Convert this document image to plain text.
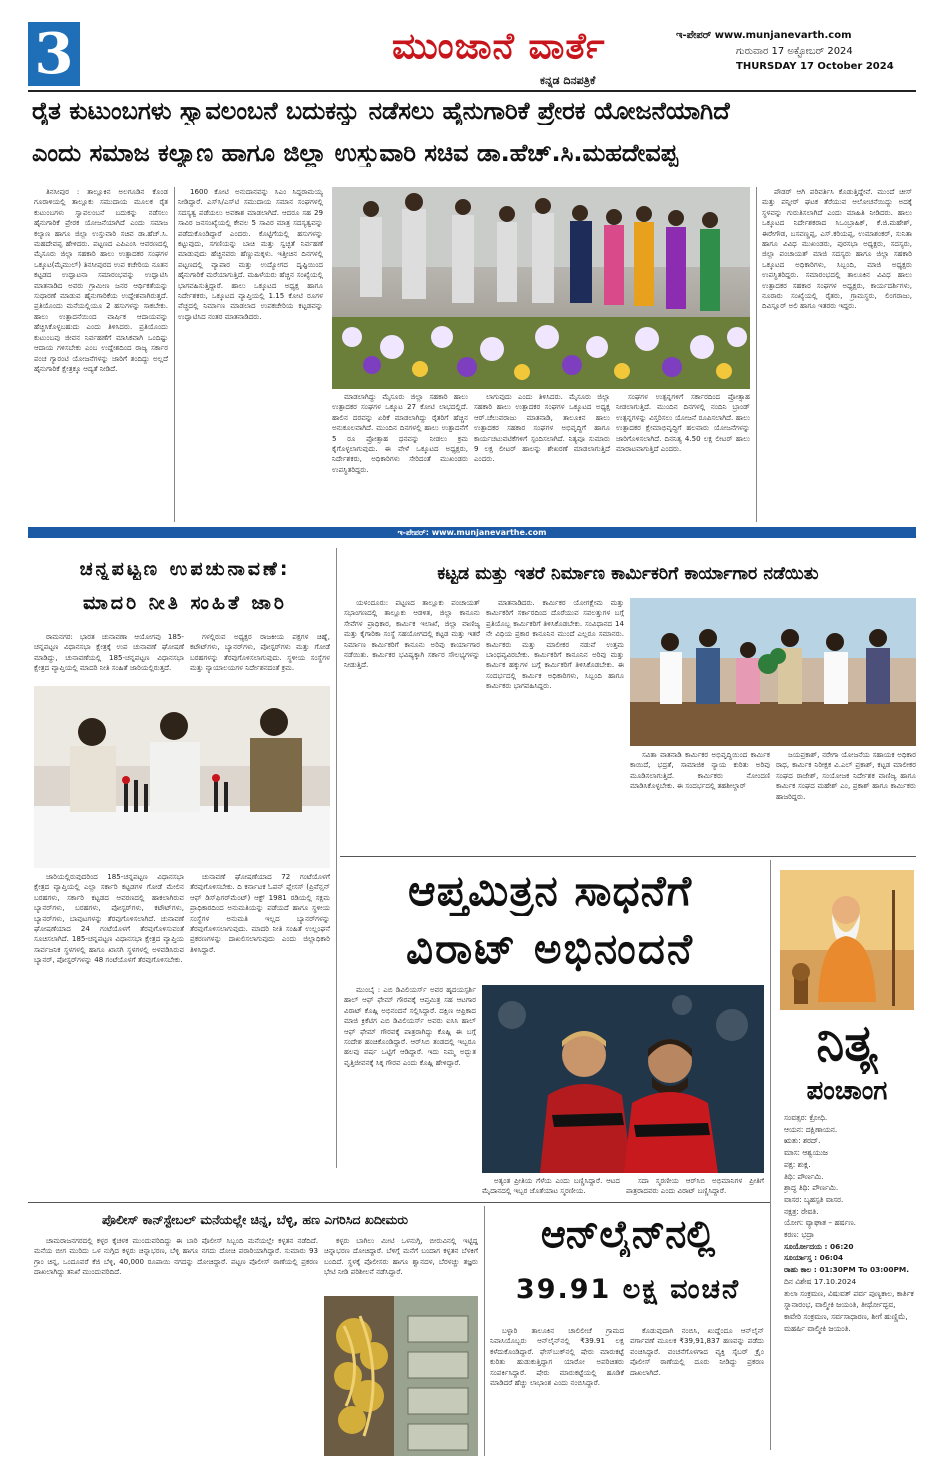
3	ಮುಂಜಾನೆ ವಾರ್ತೆ
ಕನ್ನಡ ದಿನಪತ್ರಿಕೆ
ಇ-ಪೇಪರ್ www.munjanevarth.com
ಗುರುವಾರ 17 ಅಕ್ಟೋಬರ್ 2024
THURSDAY 17 October 2024
ರೈತ ಕುಟುಂಬಗಳು ಸ್ವಾವಲಂಬನೆ ಬದುಕನ್ನು ನಡೆಸಲು ಹೈನುಗಾರಿಕೆ ಪ್ರೇರಕ ಯೋಜನೆಯಾಗಿದೆ
ಎಂದು ಸಮಾಜ ಕಲ್ಯಾಣ ಹಾಗೂ ಜಿಲ್ಲಾ ಉಸ್ತುವಾರಿ ಸಚಿವ ಡಾ.ಹೆಚ್.ಸಿ.ಮಹದೇವಪ್ಪ

ತಿನಸೀಪುರ : ತಾಲ್ಲೂಕಿನ ಅಲಗೂಡಿನ ಕೊಂಡ ಗೂರಾಳಿಯಲ್ಲಿ ತಾಲ್ಲೂಕು ಸಮುದಾಯ ಮೂಲಕ ರೈತ ಕುಟುಂಬಗಳು ಸ್ವಾವಲಂಬನೆ ಬದುಕನ್ನು ನಡೆಸಲು ಹೈನುಗಾರಿಕೆ ಪ್ರೇರಕ ಯೋಜನೆಯಾಗಿದೆ ಎಂದು ಸಮಾಜ ಕಲ್ಯಾಣ ಹಾಗೂ ಜಿಲ್ಲಾ ಉಸ್ತುವಾರಿ ಸಚಿವ ಡಾ.ಹೆಚ್.ಸಿ. ಮಹದೇವಪ್ಪ ಹೇಳಿದರು. ಪಟ್ಟಣದ ಎಪಿಎಂಸಿ ಆವರಣದಲ್ಲಿ ಮೈಸೂರು ಜಿಲ್ಲಾ ಸಹಕಾರಿ ಹಾಲು ಉತ್ಪಾದಕರ ಸಂಘಗಳ ಒಕ್ಕೂಟ(ಮೈಮುಲ್) ತಿನಸೀಪುರದ ಉಪ ಕಚೇರಿಯ ನೂತನ ಕಟ್ಟಡದ ಉದ್ಘಾಟನಾ ಸಮಾರಂಭವನ್ನು ಉದ್ಘಾಟಿಸಿ ಮಾತನಾಡಿದ ಅವರು ಗ್ರಾಮೀಣ ಜನರ ಆರ್ಥಿಕತೆಯನ್ನು ಸುಧಾರಣೆ ಮಾಡುವ ಹೈನುಗಾರಿಕೆಯ ಉದ್ದೇಶವಾಗಿರುತ್ತದೆ. ಪ್ರತಿಯೊಂದು ಮನೆಯಲ್ಲಿಯೂ 2 ಹಸುಗಳನ್ನು ಸಾಕಬೇಕು. ಹಾಲು ಉತ್ಪಾದನೆಯಿಂದ ವಾರ್ಷಿಕ ಆದಾಯವನ್ನು ಹೆಚ್ಚಿಸಿಕೊಳ್ಳಬಹುದು ಎಂದು ತಿಳಿಸಿದರು. ಪ್ರತಿಯೊಂದು ಕುಟುಂಬವು ಜೀವನ ನಿರ್ವಹಣೆಗೆ ಮಾಸಿಕವಾಗಿ ಒಂದಿಷ್ಟು ಆದಾಯ ಗಳಿಸಬೇಕು ಎಂಬ ಉದ್ದೇಶದಿಂದ ರಾಜ್ಯ ಸರ್ಕಾರ ಪಂಚ ಗ್ಯಾರಂಟಿ ಯೋಜನೆಗಳನ್ನು ಜಾರಿಗೆ ತಂದಿದ್ದು ಅಲ್ಲದೆ ಹೈನುಗಾರಿಕೆ ಕ್ಷೇತ್ರಕ್ಕೂ ಆದ್ಯತೆ ನೀಡಿದೆ.

1600 ಕೋಟಿ ಅನುದಾನವನ್ನು ಸಿಎಂ ಸಿದ್ದರಾಮಯ್ಯ ನೀಡಿದ್ದಾರೆ. ಎಸ್‌ಸಿ/ಎಸ್‌ಟಿ ಸಮುದಾಯ ಸಮಾನ ಸಂಘಗಳಲ್ಲಿ ಸದಸ್ಯತ್ವ ಪಡೆಯಲು ಅವಕಾಶ ಮಾಡಲಾಗಿದೆ. ಆದರೂ ಸಹ 29 ಸಾವಿರ ಜನಸಂಖ್ಯೆಯಲ್ಲಿ ಕೇವಲ 5 ಸಾವಿರ ಮಾತ್ರ ಸದಸ್ಯತ್ವವನ್ನು ಪಡೆದುಕೊಂಡಿದ್ದಾರೆ ಎಂದರು. ಕೊಟ್ಟಿಗೆಯಲ್ಲಿ ಹಸುಗಳನ್ನು ಕಟ್ಟುವುದು, ಸಗಣಿಯನ್ನು ಬಾಚಿ ಮತ್ತು ಸ್ವಚ್ಛತೆ ನಿರ್ವಹಣೆ ಮಾಡುವುದು ಹೆಚ್ಚಿನವರು ಹೆಣ್ಣುಮಕ್ಕಳು. ಇತ್ತೀಚಿನ ದಿನಗಳಲ್ಲಿ ಪಟ್ಟಣದಲ್ಲಿ ವ್ಯಾಪಾರ ಮತ್ತು ಉದ್ಯೋಗದ ದೃಷ್ಟಿಯಿಂದ ಹೈನುಗಾರಿಕೆ ಮರೆಯಾಗುತ್ತಿದೆ. ಮಹಿಳೆಯರು ಹೆಚ್ಚಿನ ಸಂಖ್ಯೆಯಲ್ಲಿ ಭಾಗವಹಿಸುತ್ತಿದ್ದಾರೆ. ಹಾಲು ಒಕ್ಕೂಟದ ಅಧ್ಯಕ್ಷ ಹಾಗೂ ನಿರ್ದೇಶಕರು, ಒಕ್ಕೂಟದ ವ್ಯಾಪ್ತಿಯಲ್ಲಿ 1.15 ಕೋಟಿ ರೂಗಳ ವೆಚ್ಚದಲ್ಲಿ ನಿರ್ಮಾಣ ಮಾಡಲಾದ ಉಪಕಚೇರಿಯ ಕಟ್ಟಡವನ್ನು ಉದ್ಘಾಟಿಸಿದ ನಂತರ ಮಾತನಾಡಿದರು.

ಮಾಡಲಾಗಿದ್ದು ಮೈಸೂರು ಜಿಲ್ಲಾ ಸಹಕಾರಿ ಹಾಲು ಉತ್ಪಾದಕರ ಸಂಘಗಳ ಒಕ್ಕೂಟ 27 ಕೋಟಿ ಲಾಭದಲ್ಲಿದೆ. ಹಾಲಿನ ದರವನ್ನು ಏರಿಕೆ ಮಾಡಲಾಗಿದ್ದು ರೈತರಿಗೆ ಹೆಚ್ಚಿನ ಅನುಕೂಲವಾಗಿದೆ. ಮುಂದಿನ ದಿನಗಳಲ್ಲಿ ಹಾಲು ಉತ್ಪಾದನೆಗೆ 5 ರೂ ಪ್ರೋತ್ಸಾಹ ಧನವನ್ನು ನೀಡಲು ಕ್ರಮ ಕೈಗೊಳ್ಳಲಾಗುವುದು. ಈ ವೇಳೆ ಒಕ್ಕೂಟದ ಅಧ್ಯಕ್ಷರು, ನಿರ್ದೇಶಕರು, ಅಧಿಕಾರಿಗಳು ಸೇರಿದಂತೆ ಮುಖಂಡರು ಉಪಸ್ಥಿತರಿದ್ದರು.

ಲಾಗುವುದು ಎಂದು ತಿಳಿಸಿದರು. ಮೈಸೂರು ಜಿಲ್ಲಾ ಸಹಕಾರಿ ಹಾಲು ಉತ್ಪಾದಕರ ಸಂಘಗಳ ಒಕ್ಕೂಟದ ಅಧ್ಯಕ್ಷ ಆರ್.ಚೆಲುವರಾಜು ಮಾತನಾಡಿ, ತಾಲೂಕಿನ ಹಾಲು ಉತ್ಪಾದಕರ ಸಹಕಾರ ಸಂಘಗಳ ಅಭಿವೃದ್ಧಿಗೆ ಹಾಗೂ ಕಾರ್ಯಚಟುವಟಿಕೆಗಳಿಗೆ ಸ್ಪಂದಿಸಲಾಗಿದೆ. ನಿತ್ಯವೂ ಸುಮಾರು 9 ಲಕ್ಷ ಲೀಟರ್ ಹಾಲನ್ನು ಶೇಖರಣೆ ಮಾಡಲಾಗುತ್ತಿದೆ ಎಂದರು.

ಸಂಘಗಳ ಉತ್ಪನ್ನಗಳಿಗೆ ಸರ್ಕಾರದಿಂದ ಪ್ರೋತ್ಸಾಹ ನೀಡಲಾಗುತ್ತಿದೆ. ಮುಂದಿನ ದಿನಗಳಲ್ಲಿ ನಂದಿನಿ ಬ್ರಾಂಡ್ ಉತ್ಪನ್ನಗಳನ್ನು ವಿಸ್ತರಿಸಲು ಯೋಜನೆ ರೂಪಿಸಲಾಗಿದೆ. ಹಾಲು ಉತ್ಪಾದಕರ ಕ್ಷೇಮಾಭಿವೃದ್ಧಿಗೆ ಹಲವಾರು ಯೋಜನೆಗಳನ್ನು ಜಾರಿಗೊಳಿಸಲಾಗಿದೆ. ದಿನನಿತ್ಯ 4.50 ಲಕ್ಷ ಲೀಟರ್ ಹಾಲು ಮಾರಾಟವಾಗುತ್ತಿದೆ ಎಂದರು.

ಪೌಡರ್ ಆಗಿ ಪರಿವರ್ತಿಸಿ ಕೊಡುತ್ತಿದ್ದೇವೆ. ಮುಂದೆ ಚೀಸ್ ಮತ್ತು ಪನ್ನೀರ್ ಘಟಕ ತೆರೆಯುವ ಆಲೋಚನೆಯಿದ್ದು ಅದಕ್ಕೆ ಸ್ಥಳವನ್ನು ಗುರುತಿಸಲಾಗಿದೆ ಎಂದು ಮಾಹಿತಿ ನೀಡಿದರು. ಹಾಲು ಒಕ್ಕೂಟದ ನಿರ್ದೇಶಕರಾದ ಸಿಒಂಬ್ರಾಹಿಕ್, ಕೆ.ಜಿ.ಮಹೇಶ್, ಈರೇಗೌಡ, ಬಸವಣ್ಣಪ್ಪ, ಎಸ್.ಕರಿಯಪ್ಪ, ಉಮಾಶಂಕರ್, ಸುನಿತಾ ಹಾಗೂ ವಿವಿಧ ಮುಖಂಡರು, ಪುರಸಭಾ ಅಧ್ಯಕ್ಷರು, ಸದಸ್ಯರು, ಜಿಲ್ಲಾ ಪಂಚಾಯತ್ ಮಾಜಿ ಸದಸ್ಯರು ಹಾಗೂ ಜಿಲ್ಲಾ ಸಹಕಾರಿ ಒಕ್ಕೂಟದ ಅಧಿಕಾರಿಗಳು, ಸಿಬ್ಬಂದಿ, ಮಾಜಿ ಅಧ್ಯಕ್ಷರು ಉಪಸ್ಥಿತರಿದ್ದರು. ಸಮಾರಂಭದಲ್ಲಿ ತಾಲೂಕಿನ ವಿವಿಧ ಹಾಲು ಉತ್ಪಾದಕರ ಸಹಕಾರ ಸಂಘಗಳ ಅಧ್ಯಕ್ಷರು, ಕಾರ್ಯದರ್ಶಿಗಳು, ನೂರಾರು ಸಂಖ್ಯೆಯಲ್ಲಿ ರೈತರು, ಗ್ರಾಮಸ್ಥರು, ಲಿಂಗರಾಜು, ದಿವಿಸ್ಲೂರ್ ಅಲಿ ಹಾಗೂ ಇತರರು ಇದ್ದರು.

ಇ-ಪೇಪರ್: www.munjanevarthe.com
ಚನ್ನಪಟ್ಟಣ ಉಪಚುನಾವಣೆ:
ಮಾದರಿ ನೀತಿ ಸಂಹಿತೆ ಜಾರಿ

ರಾಮನಗರ: ಭಾರತ ಚುನಾವಣಾ ಆಯೋಗವು 185-ಚನ್ನಪಟ್ಟಣ ವಿಧಾನಸಭಾ ಕ್ಷೇತ್ರಕ್ಕೆ ಉಪ ಚುನಾವಣೆ ಘೋಷಣೆ ಮಾಡಿದ್ದು, ಚುನಾವಣೆಯಲ್ಲಿ 185-ಚನ್ನಪಟ್ಟಣ ವಿಧಾನಸಭಾ ಕ್ಷೇತ್ರದ ವ್ಯಾಪ್ತಿಯಲ್ಲಿ ಮಾದರಿ ನೀತಿ ಸಂಹಿತೆ ಜಾರಿಯಲ್ಲಿರುತ್ತದೆ.

ಗಳಲ್ಲಿರುವ ಅಧ್ಯಕ್ಷರ ರಾಜಕೀಯ ಪಕ್ಷಗಳ ಚಿಹ್ನೆ, ಕಟೌಟ್‌ಗಳು, ಬ್ಯಾನರ್‌ಗಳು, ಪೋಸ್ಟರ್‌ಗಳು ಮತ್ತು ಗೋಡೆ ಬರಹಗಳನ್ನು ತೆರವುಗೊಳಿಸಲಾಗುವುದು. ಸ್ಥಳೀಯ ಸಂಸ್ಥೆಗಳ ಮತ್ತು ನ್ಯಾಯಾಲಯಗಳ ನಿರ್ದೇಶನದಂತೆ ಕ್ರಮ.

ಜಾರಿಯಲ್ಲಿರುವುದರಿಂದ 185-ಚನ್ನಪಟ್ಟಣ ವಿಧಾನಸಭಾ ಕ್ಷೇತ್ರದ ವ್ಯಾಪ್ತಿಯಲ್ಲಿ ಎಲ್ಲಾ ಸರ್ಕಾರಿ ಕಟ್ಟಡಗಳ ಗೋಡೆ ಮೇಲಿನ ಬರಹಗಳು, ಸರ್ಕಾರಿ ಕಟ್ಟಡದ ಆವರಣದಲ್ಲಿ ಹಾಕಲಾಗಿರುವ ಬ್ಯಾನರ್‌ಗಳು, ಬರಹಗಳು, ಪೋಸ್ಟರ್‌ಗಳು, ಕಟೌಟ್‌ಗಳು, ಬ್ಯಾನರ್‌ಗಳು, ಬಾವುಟಗಳನ್ನು ತೆರವುಗೊಳಿಸಲಾಗಿದೆ. ಚುನಾವಣೆ ಘೋಷಣೆಯಾದ 24 ಗಂಟೆಯೊಳಗೆ ತೆರವುಗೊಳಿಸುವಂತೆ ಸೂಚಿಸಲಾಗಿದೆ. 185-ಚನ್ನಪಟ್ಟಣ ವಿಧಾನಸಭಾ ಕ್ಷೇತ್ರದ ವ್ಯಾಪ್ತಿಯ ಸಾರ್ವಜನಿಕ ಸ್ಥಳಗಳಲ್ಲಿ ಹಾಗೂ ಖಾಸಗಿ ಸ್ಥಳಗಳಲ್ಲಿ ಅಳವಡಿಸಿರುವ ಬ್ಯಾನರ್, ಪೋಸ್ಟರ್‌ಗಳನ್ನು 48 ಗಂಟೆಯೊಳಗೆ ತೆರವುಗೊಳಿಸಬೇಕು.

ಚುನಾವಣೆ ಘೋಷಣೆಯಾದ 72 ಗಂಟೆಯೊಳಗೆ ತೆರವುಗೊಳಿಸಬೇಕು. ದಿ ಕರ್ನಾಟಕ ಓಪನ್ ಪ್ಲೇಸಸ್ (ಪ್ರಿವೆನ್ಷನ್ ಆಫ್ ಡಿಸ್‌ಫಿಗರ್‌ಮೆಂಟ್) ಆಕ್ಟ್ 1981 ರಡಿಯಲ್ಲಿ ಸಕ್ಷಮ ಪ್ರಾಧಿಕಾರದಿಂದ ಅನುಮತಿಯನ್ನು ಪಡೆಯದೆ ಹಾಗೂ ಸ್ಥಳೀಯ ಸಂಸ್ಥೆಗಳ ಅನುಮತಿ ಇಲ್ಲದ ಬ್ಯಾನರ್‌ಗಳನ್ನು ತೆರವುಗೊಳಿಸಲಾಗುವುದು. ಮಾದರಿ ನೀತಿ ಸಂಹಿತೆ ಉಲ್ಲಂಘನೆ ಪ್ರಕರಣಗಳನ್ನು ದಾಖಲಿಸಲಾಗುವುದು ಎಂದು ಜಿಲ್ಲಾಧಿಕಾರಿ ತಿಳಿಸಿದ್ದಾರೆ.

ಕಟ್ಟಡ ಮತ್ತು ಇತರೆ ನಿರ್ಮಾಣ ಕಾರ್ಮಿಕರಿಗೆ ಕಾರ್ಯಾಗಾರ ನಡೆಯಿತು

ಯಳಂದೂರು: ಪಟ್ಟಣದ ತಾಲ್ಲೂಕು ಪಂಚಾಯತ್ ಸಭಾಂಗಣದಲ್ಲಿ ತಾಲ್ಲೂಕು ಆಡಳಿತ, ಜಿಲ್ಲಾ ಕಾನೂನು ಸೇವೆಗಳ ಪ್ರಾಧಿಕಾರ, ಕಾರ್ಮಿಕ ಇಲಾಖೆ, ಜಿಲ್ಲಾ ವಾಣಿಜ್ಯ ಮತ್ತು ಕೈಗಾರಿಕಾ ಸಂಸ್ಥೆ ಸಹಯೋಗದಲ್ಲಿ ಕಟ್ಟಡ ಮತ್ತು ಇತರೆ ನಿರ್ಮಾಣ ಕಾರ್ಮಿಕರಿಗೆ ಕಾನೂನು ಅರಿವು ಕಾರ್ಯಾಗಾರ ನಡೆಯಿತು. ಕಾರ್ಮಿಕರ ಭವಿಷ್ಯಕ್ಕಾಗಿ ಸರ್ಕಾರ ಸೌಲಭ್ಯಗಳನ್ನು ನೀಡುತ್ತಿದೆ.

ಮಾತನಾಡಿದರು. ಕಾರ್ಮಿಕರ ಯೋಗಕ್ಷೇಮ ಮತ್ತು ಕಾರ್ಮಿಕರಿಗೆ ಸರ್ಕಾರದಿಂದ ದೊರೆಯುವ ಸವಲತ್ತುಗಳ ಬಗ್ಗೆ ಪ್ರತಿಯೊಬ್ಬ ಕಾರ್ಮಿಕರಿಗೆ ತಿಳಿಸಿಕೊಡಬೇಕು. ಸಂವಿಧಾನದ 14 ನೇ ವಿಧಿಯ ಪ್ರಕಾರ ಕಾನೂನಿನ ಮುಂದೆ ಎಲ್ಲರೂ ಸಮಾನರು. ಕಾರ್ಮಿಕರು ಮತ್ತು ಮಾಲೀಕರ ನಡುವೆ ಉತ್ತಮ ಬಾಂಧವ್ಯವಿರಬೇಕು. ಕಾರ್ಮಿಕರಿಗೆ ಕಾನೂನಿನ ಅರಿವು ಮತ್ತು ಕಾರ್ಮಿಕ ಹಕ್ಕುಗಳ ಬಗ್ಗೆ ಕಾರ್ಮಿಕರಿಗೆ ತಿಳಿಸಿಕೊಡಬೇಕು. ಈ ಸಂದರ್ಭದಲ್ಲಿ ಕಾರ್ಮಿಕ ಅಧಿಕಾರಿಗಳು, ಸಿಬ್ಬಂದಿ ಹಾಗೂ ಕಾರ್ಮಿಕರು ಭಾಗವಹಿಸಿದ್ದರು.

ಸವಿತಾ ವಾತನಾಡಿ ಕಾರ್ಮಿಕರ ಅಭಿವೃದ್ಧಿಯಿಂದ ಕಾರ್ಮಿಕ ಕಾಯಿದೆ, ಭದ್ರತೆ, ಸಾಮಾಜಿಕ ನ್ಯಾಯ ಕುರಿತು ಅರಿವು ಮೂಡಿಸಲಾಗುತ್ತಿದೆ. ಕಾರ್ಮಿಕರು ನೋಂದಣಿ ಮಾಡಿಸಿಕೊಳ್ಳಬೇಕು. ಈ ಸಂದರ್ಭದಲ್ಲಿ ತಹಶೀಲ್ದಾರ್

ಜಯಪ್ರಕಾಶ್, ನರೇಗಾ ಯೋಜನೆಯ ಸಹಾಯಕ ಅಧಿಕಾರ ರಾಧ, ಕಾರ್ಮಿಕ ನಿರೀಕ್ಷಕ ವಿ.ಎಲ್ ಪ್ರಕಾಶ್, ಕಟ್ಟಡ ಮಾಲೀಕರ ಸಂಘದ ರಾಜೇಶ್, ಸಂಯೋಜಕ ನಿರ್ದೇಶಕ ವಾಣಿಜ್ಯ ಹಾಗೂ ಕಾರ್ಮಿಕ ಸಂಘದ ಮಹೇಶ್ ಎಂ, ಪ್ರಕಾಶ್ ಹಾಗೂ ಕಾರ್ಮಿಕರು ಹಾಜರಿದ್ದರು.

ಆಪ್ತಮಿತ್ರನ ಸಾಧನೆಗೆ
ವಿರಾಟ್ ಅಭಿನಂದನೆ

ಮುಂಬೈ : ಎಬಿ ಡಿವಿಲಿಯರ್ಸ್ ಅವರ ಹೃದಯಸ್ಪರ್ಶಿ ಹಾಲ್ ಆಫ್ ಫೇಮ್ ಗೌರವಕ್ಕೆ ಆಪ್ತಮಿತ್ರ ಸಹ ಆಟಗಾರ ವಿರಾಟ್ ಕೊಹ್ಲಿ ಅಭಿನಂದನೆ ಸಲ್ಲಿಸಿದ್ದಾರೆ. ದಕ್ಷಿಣ ಆಫ್ರಿಕಾದ ಮಾಜಿ ಕ್ರಿಕೆಟಿಗ ಎಬಿ ಡಿವಿಲಿಯರ್ಸ್ ಅವರು ಐಸಿಸಿ ಹಾಲ್ ಆಫ್ ಫೇಮ್ ಗೌರವಕ್ಕೆ ಪಾತ್ರರಾಗಿದ್ದು ಕೊಹ್ಲಿ ಈ ಬಗ್ಗೆ ಸಂದೇಶ ಹಂಚಿಕೊಂಡಿದ್ದಾರೆ. ಆರ್‌ಸಿಬಿ ತಂಡದಲ್ಲಿ ಇಬ್ಬರೂ ಹಲವು ವರ್ಷ ಒಟ್ಟಿಗೆ ಆಡಿದ್ದಾರೆ. ಇದು ನಿಮ್ಮ ಅದ್ಭುತ ವೃತ್ತಿಜೀವನಕ್ಕೆ ಸಿಕ್ಕ ಗೌರವ ಎಂದು ಕೊಹ್ಲಿ ಹೇಳಿದ್ದಾರೆ.

ಅತ್ಯಂತ ಪ್ರೀತಿಯ ಗೆಳೆಯ ಎಂದು ಬಣ್ಣಿಸಿದ್ದಾರೆ. ಆಟದ ಮೈದಾನದಲ್ಲಿ ಇಬ್ಬರ ಜೊತೆಯಾಟ ಸ್ಮರಣೀಯ.

ಸದಾ ಸ್ಮರಣೀಯ ಆರ್‌ಸಿಬಿ ಅಭಿಮಾನಿಗಳ ಪ್ರೀತಿಗೆ ಪಾತ್ರರಾದವರು ಎಂದು ವಿರಾಟ್ ಬಣ್ಣಿಸಿದ್ದಾರೆ.

ನಿತ್ಯ
ಪಂಚಾಂಗ
ಸಂವತ್ಸರ: ಕ್ರೋಧಿ.
ಆಯನ: ದಕ್ಷಿಣಾಯನ.
ಋತು: ಶರದ್.
ಮಾಸ: ಆಶ್ವಯುಜ
ಪಕ್ಷ: ಶುಕ್ಲ.
ತಿಥಿ: ಪೌರ್ಣಮಿ.
ಶ್ರಾದ್ಧ ತಿಥಿ: ಪೌರ್ಣಮಿ.
ವಾಸರ: ಬೃಹಸ್ಪತಿ ವಾಸರ.
ನಕ್ಷತ್ರ: ರೇವತಿ.
ಯೋಗ: ವ್ಯಾಘಾತ – ಹರ್ಷಣ.
ಕರಣ: ಭದ್ರಾ
ಸೂರ್ಯೋದಯ : 06:20
ಸೂರ್ಯಾಸ್ತ : 06:04
ರಾಹು ಕಾಲ : 01:30PM To 03:00PM.
ದಿನ ವಿಶೇಷ 17.10.2024
ತುಲಾ ಸಂಕ್ರಮಣ, ವಿಷುವತ್ ಪರ್ವ ಪುಣ್ಯಕಾಲ, ಕಾರ್ತಿಕ ಸ್ನಾನಾರಂಭ, ವಾಲ್ಮೀಕಿ ಜಯಂತಿ, ತೀರ್ಥೋದ್ಭವ, ಕಾವೇರಿ ಸಂಕ್ರಮಣ, ಸರ್ವಸಾಧಾರಣ, ಶೀಗೆ ಹುಣ್ಣಿಮೆ, ಮಹರ್ಷಿ ವಾಲ್ಮೀಕಿ ಜಯಂತಿ.
ಪೊಲೀಸ್ ಕಾನ್‌ಸ್ಟೇಬಲ್ ಮನೆಯಲ್ಲೇ ಚಿನ್ನ, ಬೆಳ್ಳಿ, ಹಣ ಎಗರಿಸಿದ ಖದೀಮರು

ಚಾಮರಾಜನಗರದಲ್ಲಿ ಕಳ್ಳರ ಕೈಚಳಕ ಮುಂದುವರಿದಿದ್ದು ಈ ಬಾರಿ ಪೊಲೀಸ್ ಸಿಬ್ಬಂದಿ ಮನೆಯಲ್ಲೇ ಕಳ್ಳತನ ನಡೆದಿದೆ. ಮನೆಯ ಬೀಗ ಮುರಿದು ಒಳ ನುಗ್ಗಿದ ಕಳ್ಳರು ಚಿನ್ನಾಭರಣ, ಬೆಳ್ಳಿ ಹಾಗೂ ನಗದು ದೋಚಿ ಪರಾರಿಯಾಗಿದ್ದಾರೆ. ಸುಮಾರು 93 ಗ್ರಾಂ ಚಿನ್ನ, ಒಂದೂವರೆ ಕೆಜಿ ಬೆಳ್ಳಿ, 40,000 ರೂಪಾಯಿ ನಗದನ್ನು ದೋಚಿದ್ದಾರೆ. ಪಟ್ಟಣ ಪೊಲೀಸ್ ಠಾಣೆಯಲ್ಲಿ ಪ್ರಕರಣ ದಾಖಲಾಗಿದ್ದು ತನಿಖೆ ಮುಂದುವರಿದಿದೆ.

ಕಳ್ಳರು ಬಾಗಿಲು ಮೀಟಿ ಒಳನುಗ್ಗಿ, ಬೀರುವಿನಲ್ಲಿ ಇಟ್ಟಿದ್ದ ಚಿನ್ನಾಭರಣ ದೋಚಿದ್ದಾರೆ. ಬೆಳಿಗ್ಗೆ ಮನೆಗೆ ಬಂದಾಗ ಕಳ್ಳತನ ಬೆಳಕಿಗೆ ಬಂದಿದೆ. ಸ್ಥಳಕ್ಕೆ ಪೊಲೀಸರು ಹಾಗೂ ಶ್ವಾನದಳ, ಬೆರಳಚ್ಚು ತಜ್ಞರು ಭೇಟಿ ನೀಡಿ ಪರಿಶೀಲನೆ ನಡೆಸಿದ್ದಾರೆ.

ಆನ್‌ಲೈನ್‌ನಲ್ಲಿ
39.91 ಲಕ್ಷ ವಂಚನೆ

ಬಳ್ಳಾರಿ ತಾಲೂಕಿನ ಚಾಲಿಲೀಚೆ ಗ್ರಾಮದ ನಿವಾಸಿಯೊಬ್ಬರು ಆನ್‌ಲೈನ್‌ನಲ್ಲಿ ₹39.91 ಲಕ್ಷ ಕಳೆದುಕೊಂಡಿದ್ದಾರೆ. ಫೇಸ್‌ಬುಕ್‌ನಲ್ಲಿ ಷೇರು ಮಾರುಕಟ್ಟೆ ಕುರಿತು ಹುಡುಕುತ್ತಿದ್ದಾಗ ಯಾರೋ ಅಪರಿಚಿತರು ಸಂಪರ್ಕಿಸಿದ್ದಾರೆ. ಷೇರು ಮಾರುಕಟ್ಟೆಯಲ್ಲಿ ಹೂಡಿಕೆ ಮಾಡಿದರೆ ಹೆಚ್ಚು ಲಾಭಾಂಶ ಎಂದು ನಂಬಿಸಿದ್ದಾರೆ.

ಕೊಡುವುದಾಗಿ ನಂಬಿಸಿ, ಖುದ್ದೆಂದೂ ಆನ್‌ಲೈನ್‌ ವರ್ಗಾವಣೆ ಮೂಲಕ ₹39,91,837 ಹಣವನ್ನು ಪಡೆದು ವಂಚಿಸಿದ್ದಾರೆ. ವಂಚನೆಗೊಳಗಾದ ವ್ಯಕ್ತಿ ಸೈಬರ್ ಕ್ರೈಂ ಪೊಲೀಸ್ ಠಾಣೆಯಲ್ಲಿ ದೂರು ನೀಡಿದ್ದು ಪ್ರಕರಣ ದಾಖಲಾಗಿದೆ.
